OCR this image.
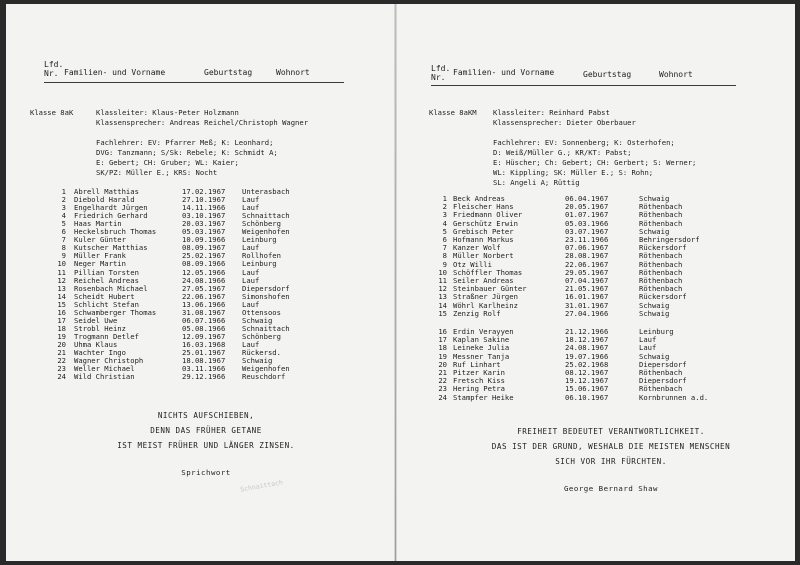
Lfd.
Nr. Familien- und Vorname	Geburtstag	Wohnort
Klasse 8aK	Klassleiter: Klaus-Peter Holzmann
Klassensprecher: Andreas Reichel/Christoph Wagner
Fachlehrer: EV: Pfarrer Meß; K: Leonhard;
DVG: Tanzmann; S/Sk: Rebele; K: Schmidt A;
E: Gebert; CH: Gruber; WL: Kaier;
SK/PZ: Müller E.; KRS: Nocht
1 Abrell Matthias	17.02.1967 Unterasbach
2 Diebold Harald	27.10.1967 Lauf
3 Engelhardt Jürgen	14.11.1966 Lauf
4 Friedrich Gerhard	03.10.1967 Schnaittach
5 Haas Martin	20.03.1967 Schönberg
6 Heckelsbruch Thomas	05.03.1967 Weigenhofen
7 Kuler Günter	10.09.1966 Leinburg
8 Kutscher Matthias	08.09.1967 Lauf
9 Müller Frank	25.02.1967 Rollhofen
10 Neger Martin	08.09.1966 Leinburg
11 Pillian Torsten	12.05.1966 Lauf
12 Reichel Andreas	24.08.1966 Lauf
13 Rosenbach Michael	27.05.1967 Diepersdorf
14 Scheidt Hubert	22.06.1967 Simonshofen
15 Schlicht Stefan	13.06.1966 Lauf
16 Schwamberger Thomas	31.08.1967 Ottensoos
17 Seidel Uwe	06.07.1966 Schwaig
18 Strobl Heinz	05.08.1966 Schnaittach
19 Trogmann Detlef	12.09.1967 Schönberg
20 Uhma Klaus	16.03.1968 Lauf
21 Wachter Ingo	25.01.1967 Rückersd.
22 Wagner Christoph	18.08.1967 Schwaig
23 Weller Michael	03.11.1966 Weigenhofen
24 Wild Christian	29.12.1966 Reuschdorf
NICHTS AUFSCHIEBEN,
DENN DAS FRÜHER GETANE
IST MEIST FRÜHER UND LÄNGER ZINSEN.
Sprichwort
Schnaittach
Lfd.
Nr.
Familien- und Vorname	Geburtstag	Wohnort
Klasse 8aKM Klassleiter: Reinhard Pabst
Klassensprecher: Dieter Oberbauer
Fachlehrer: EV: Sonnenberg; K: Osterhofen;
D: Weiß/Müller G.; KR/KT: Pabst;
E: Hüscher; Ch: Gebert; CH: Gerbert; S: Werner;
WL: Kippling; SK: Müller E.; S: Rohn;
SL: Angeli A; Rüttig
1 Beck Andreas	06.04.1967	Schwaig
2 Fleischer Hans	20.05.1967	Röthenbach
3 Friedmann Oliver	01.07.1967	Röthenbach
4 Gerschütz Erwin	05.03.1966	Röthenbach
5 Grebisch Peter	03.07.1967	Schwaig
6 Hofmann Markus	23.11.1966	Behringersdorf
7 Kanzer Wolf	07.06.1967	Rückersdorf
8 Müller Norbert	28.08.1967	Röthenbach
9 Otz Willi	22.06.1967	Röthenbach
10 Schöffler Thomas	29.05.1967	Röthenbach
11 Seiler Andreas	07.04.1967	Röthenbach
12 Steinbauer Günter	21.05.1967	Röthenbach
13 Straßner Jürgen	16.01.1967	Rückersdorf
14 Wöhrl Karlheinz	31.01.1967	Schwaig
15 Zenzig Rolf	27.04.1966	Schwaig
16 Erdin Verayyen	21.12.1966	Leinburg
17 Kaplan Sakine	18.12.1967	Lauf
18 Leineke Julia	24.08.1967	Lauf
19 Messner Tanja	19.07.1966	Schwaig
20 Ruf Linhart	25.02.1968	Diepersdorf
21 Pitzer Karin	08.12.1967	Röthenbach
22 Fretsch Kiss	19.12.1967	Diepersdorf
23 Hering Petra	15.06.1967	Röthenbach
24 Stampfer Heike	06.10.1967	Kornbrunnen a.d.
FREIHEIT BEDEUTET VERANTWORTLICHKEIT.
DAS IST DER GRUND, WESHALB DIE MEISTEN MENSCHEN
SICH VOR IHR FÜRCHTEN.
George Bernard Shaw
